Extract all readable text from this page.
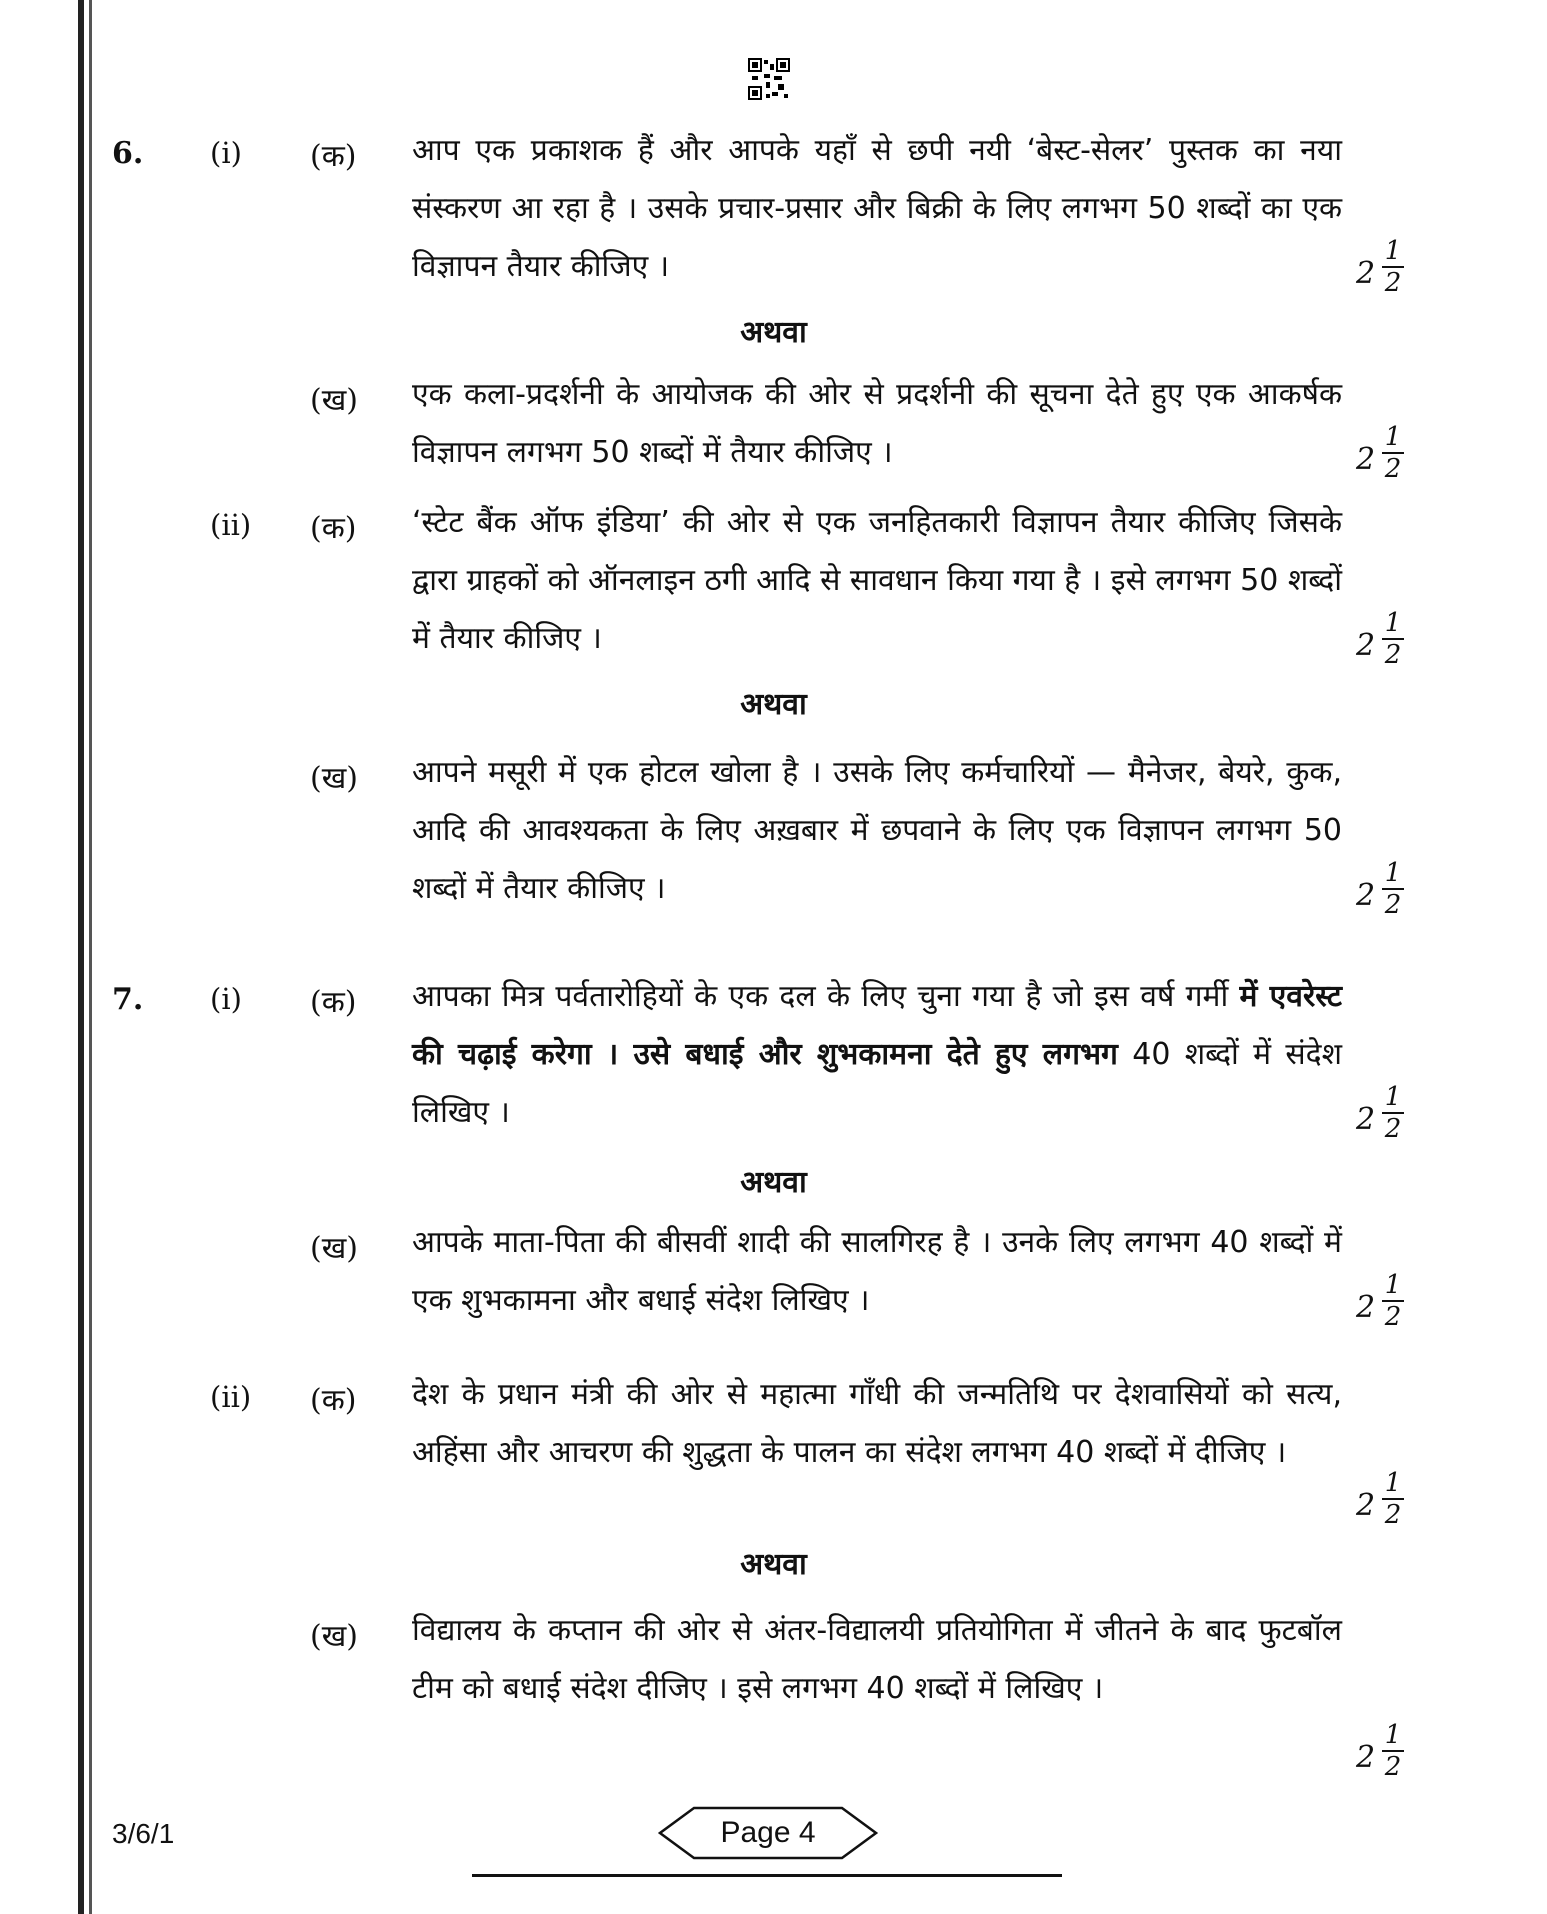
6. (i) (क) आप एक प्रकाशक हैं और आपके यहाँ से छपी नयी ‘बेस्ट-सेलर’ पुस्तक का नया संस्करण आ रहा है । उसके प्रचार-प्रसार और बिक्री के लिए लगभग 50 शब्दों का एक विज्ञापन तैयार कीजिए ।	$2 \frac{1}{2}$
अथवा
(ख) एक कला-प्रदर्शनी के आयोजक की ओर से प्रदर्शनी की सूचना देते हुए एक आकर्षक विज्ञापन लगभग 50 शब्दों में तैयार कीजिए ।	$2 \frac{1}{2}$
(ii) (क) ‘स्टेट बैंक ऑफ इंडिया’ की ओर से एक जनहितकारी विज्ञापन तैयार कीजिए जिसके द्वारा ग्राहकों को ऑनलाइन ठगी आदि से सावधान किया गया है । इसे लगभग 50 शब्दों में तैयार कीजिए ।	$2 \frac{1}{2}$
अथवा
(ख) आपने मसूरी में एक होटल खोला है । उसके लिए कर्मचारियों — मैनेजर, बेयरे, कुक, आदि की आवश्यकता के लिए अख़बार में छपवाने के लिए एक विज्ञापन लगभग 50 शब्दों में तैयार कीजिए ।	$2 \frac{1}{2}$
7. (i) (क) आपका मित्र पर्वतारोहियों के एक दल के लिए चुना गया है जो इस वर्ष गर्मी में एवरेस्ट की चढ़ाई करेगा । उसे बधाई और शुभकामना देते हुए लगभग 40 शब्दों में संदेश लिखिए ।	$2 \frac{1}{2}$
अथवा
(ख) आपके माता-पिता की बीसवीं शादी की सालगिरह है । उनके लिए लगभग 40 शब्दों में एक शुभकामना और बधाई संदेश लिखिए ।	$2 \frac{1}{2}$
(ii) (क) देश के प्रधान मंत्री की ओर से महात्मा गाँधी की जन्मतिथि पर देशवासियों को सत्य, अहिंसा और आचरण की शुद्धता के पालन का संदेश लगभग 40 शब्दों में दीजिए ।
$2 \frac{1}{2}$
अथवा
(ख) विद्यालय के कप्तान की ओर से अंतर-विद्यालयी प्रतियोगिता में जीतने के बाद फुटबॉल टीम को बधाई संदेश दीजिए । इसे लगभग 40 शब्दों में लिखिए ।
$2 \frac{1}{2}$
3/6/1	Page 4
